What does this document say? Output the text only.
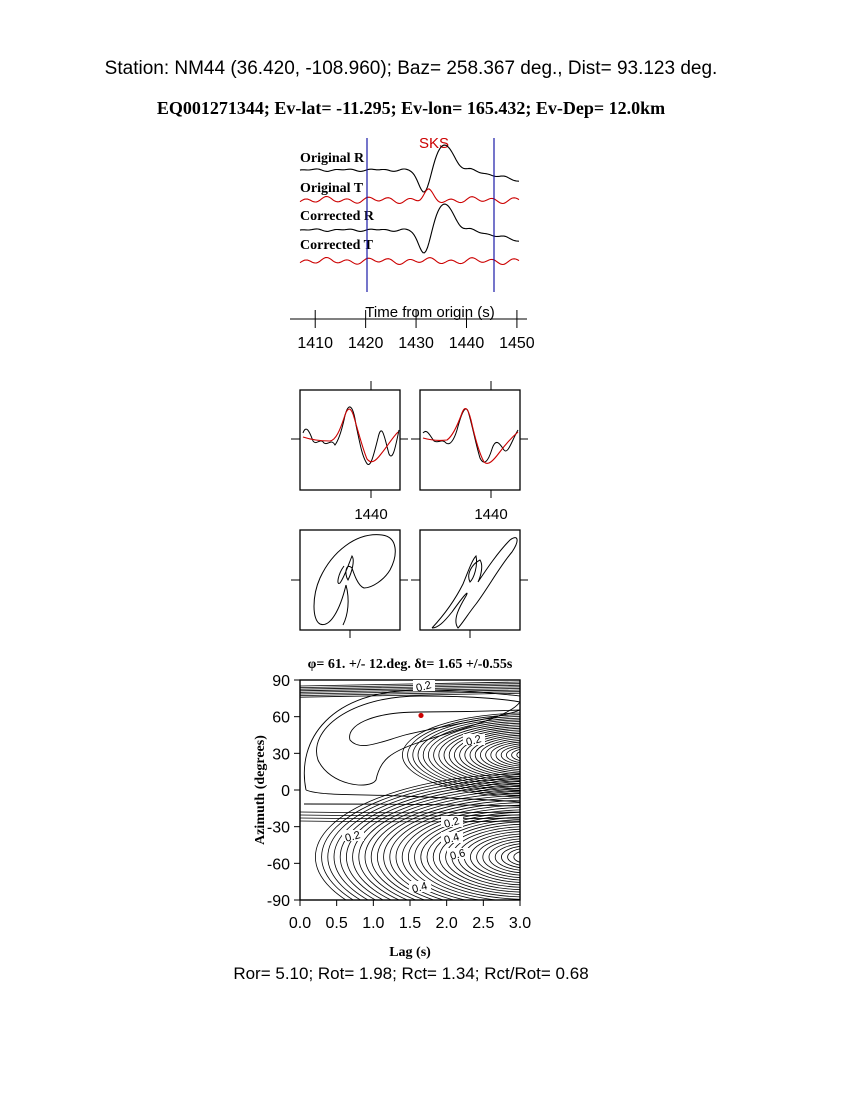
Station: NM44 (36.420, -108.960); Baz= 258.367 deg., Dist= 93.123 deg.
EQ001271344; Ev-lat= -11.295; Ev-lon= 165.432; Ev-Dep= 12.0km
SKS
Original R
Original T
Corrected R
Corrected T
1410 1420 1430 1440 1450
Time from origin (s)
1440	1440
φ= 61. +/- 12.deg. δt= 1.65 +/-0.55s
0.0 0.5 1.0 1.5 2.0 2.5 3.0
90
60
30
0
-30
-60
-90
0.2
0.2
0.2
0.2
0.4
0.6
0.4
Lag (s)
Azimuth (degrees)
Ror= 5.10; Rot= 1.98; Rct= 1.34; Rct/Rot= 0.68
